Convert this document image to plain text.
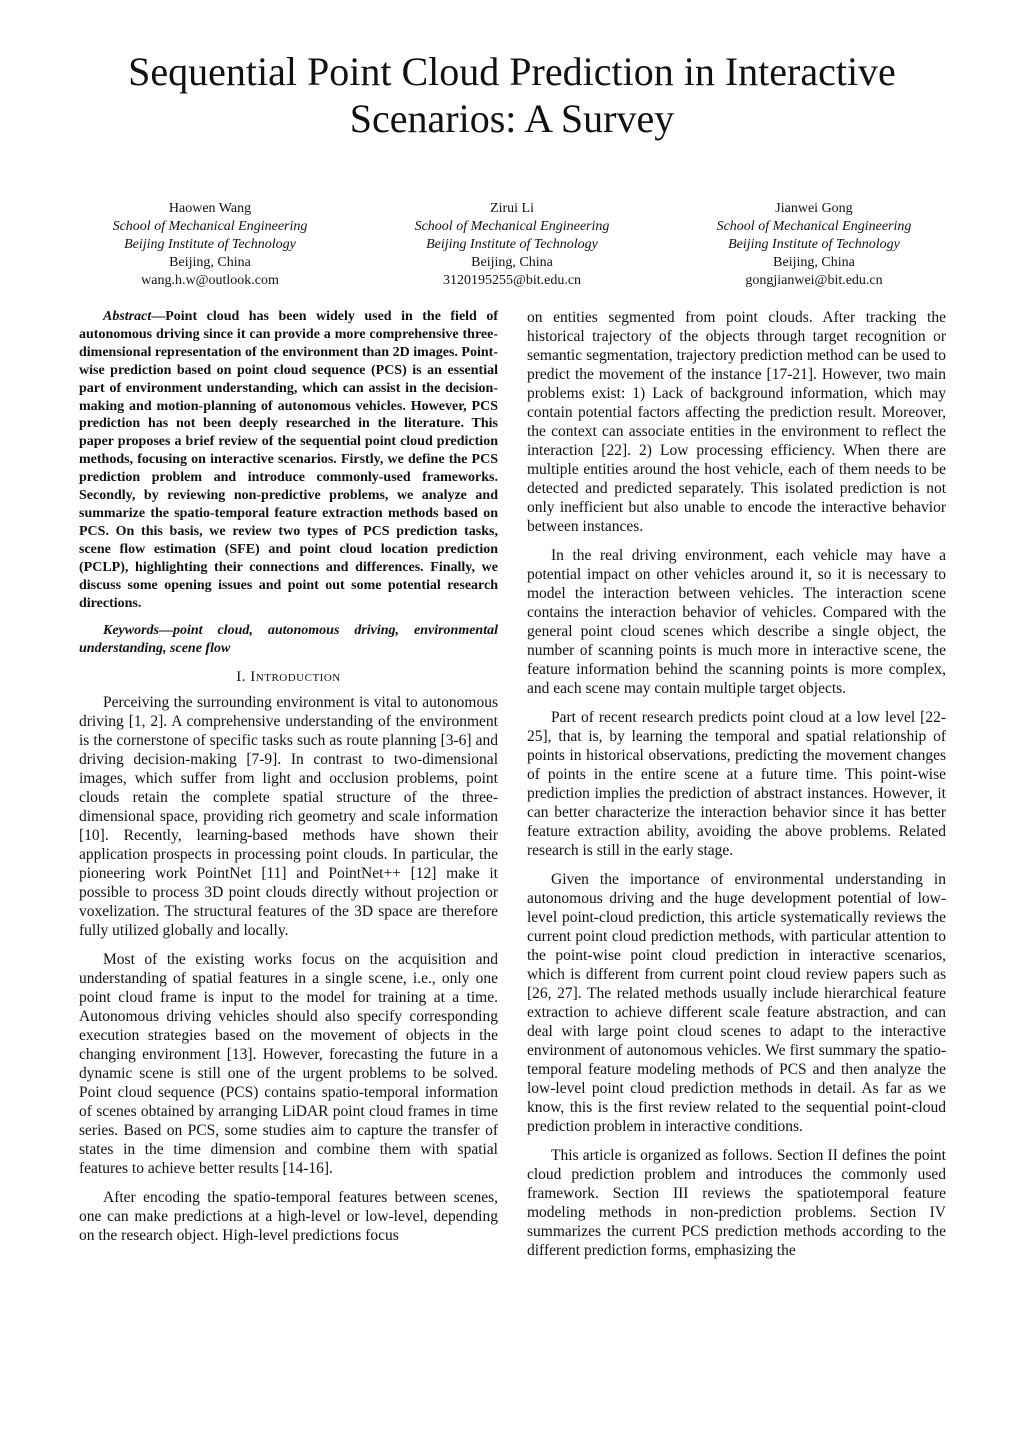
Sequential Point Cloud Prediction in Interactive Scenarios: A Survey
Haowen Wang
School of Mechanical Engineering
Beijing Institute of Technology
Beijing, China
wang.h.w@outlook.com
Zirui Li
School of Mechanical Engineering
Beijing Institute of Technology
Beijing, China
3120195255@bit.edu.cn
Jianwei Gong
School of Mechanical Engineering
Beijing Institute of Technology
Beijing, China
gongjianwei@bit.edu.cn

Abstract—Point cloud has been widely used in the field of autonomous driving since it can provide a more comprehensive three-dimensional representation of the environment than 2D images. Point-wise prediction based on point cloud sequence (PCS) is an essential part of environment understanding, which can assist in the decision-making and motion-planning of autonomous vehicles. However, PCS prediction has not been deeply researched in the literature. This paper proposes a brief review of the sequential point cloud prediction methods, focusing on interactive scenarios. Firstly, we define the PCS prediction problem and introduce commonly-used frameworks. Secondly, by reviewing non-predictive problems, we analyze and summarize the spatio-temporal feature extraction methods based on PCS. On this basis, we review two types of PCS prediction tasks, scene flow estimation (SFE) and point cloud location prediction (PCLP), highlighting their connections and differences. Finally, we discuss some opening issues and point out some potential research directions.

Keywords—point cloud, autonomous driving, environmental understanding, scene flow

I. Introduction

Perceiving the surrounding environment is vital to autonomous driving [1, 2]. A comprehensive understanding of the environment is the cornerstone of specific tasks such as route planning [3-6] and driving decision-making [7-9]. In contrast to two-dimensional images, which suffer from light and occlusion problems, point clouds retain the complete spatial structure of the three-dimensional space, providing rich geometry and scale information [10]. Recently, learning-based methods have shown their application prospects in processing point clouds. In particular, the pioneering work PointNet [11] and PointNet++ [12] make it possible to process 3D point clouds directly without projection or voxelization. The structural features of the 3D space are therefore fully utilized globally and locally.

Most of the existing works focus on the acquisition and understanding of spatial features in a single scene, i.e., only one point cloud frame is input to the model for training at a time. Autonomous driving vehicles should also specify corresponding execution strategies based on the movement of objects in the changing environment [13]. However, forecasting the future in a dynamic scene is still one of the urgent problems to be solved. Point cloud sequence (PCS) contains spatio-temporal information of scenes obtained by arranging LiDAR point cloud frames in time series. Based on PCS, some studies aim to capture the transfer of states in the time dimension and combine them with spatial features to achieve better results [14-16].

After encoding the spatio-temporal features between scenes, one can make predictions at a high-level or low-level, depending on the research object. High-level predictions focus

on entities segmented from point clouds. After tracking the historical trajectory of the objects through target recognition or semantic segmentation, trajectory prediction method can be used to predict the movement of the instance [17-21]. However, two main problems exist: 1) Lack of background information, which may contain potential factors affecting the prediction result. Moreover, the context can associate entities in the environment to reflect the interaction [22]. 2) Low processing efficiency. When there are multiple entities around the host vehicle, each of them needs to be detected and predicted separately. This isolated prediction is not only inefficient but also unable to encode the interactive behavior between instances.

In the real driving environment, each vehicle may have a potential impact on other vehicles around it, so it is necessary to model the interaction between vehicles. The interaction scene contains the interaction behavior of vehicles. Compared with the general point cloud scenes which describe a single object, the number of scanning points is much more in interactive scene, the feature information behind the scanning points is more complex, and each scene may contain multiple target objects.

Part of recent research predicts point cloud at a low level [22-25], that is, by learning the temporal and spatial relationship of points in historical observations, predicting the movement changes of points in the entire scene at a future time. This point-wise prediction implies the prediction of abstract instances. However, it can better characterize the interaction behavior since it has better feature extraction ability, avoiding the above problems. Related research is still in the early stage.

Given the importance of environmental understanding in autonomous driving and the huge development potential of low-level point-cloud prediction, this article systematically reviews the current point cloud prediction methods, with particular attention to the point-wise point cloud prediction in interactive scenarios, which is different from current point cloud review papers such as [26, 27]. The related methods usually include hierarchical feature extraction to achieve different scale feature abstraction, and can deal with large point cloud scenes to adapt to the interactive environment of autonomous vehicles. We first summary the spatio-temporal feature modeling methods of PCS and then analyze the low-level point cloud prediction methods in detail. As far as we know, this is the first review related to the sequential point-cloud prediction problem in interactive conditions.

This article is organized as follows. Section II defines the point cloud prediction problem and introduces the commonly used framework. Section III reviews the spatiotemporal feature modeling methods in non-prediction problems. Section IV summarizes the current PCS prediction methods according to the different prediction forms, emphasizing the
